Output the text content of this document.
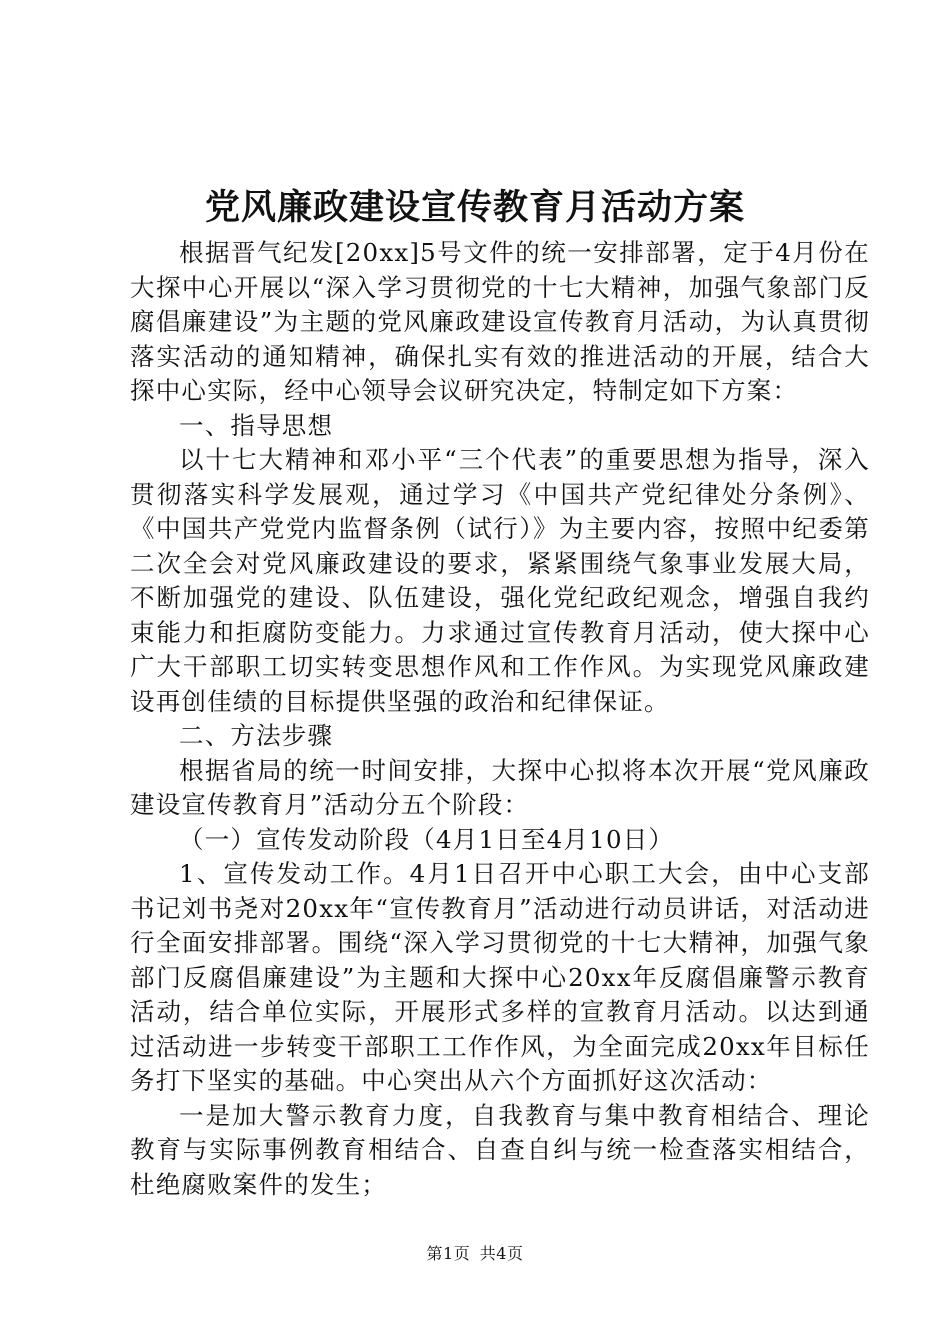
党风廉政建设宣传教育月活动方案

根据晋气纪发[20xx]5号文件的统一安排部署，定于4月份在大探中心开展以“深入学习贯彻党的十七大精神，加强气象部门反腐倡廉建设”为主题的党风廉政建设宣传教育月活动，为认真贯彻落实活动的通知精神，确保扎实有效的推进活动的开展，结合大探中心实际，经中心领导会议研究决定，特制定如下方案：

一、指导思想

以十七大精神和邓小平“三个代表”的重要思想为指导，深入贯彻落实科学发展观，通过学习《中国共产党纪律处分条例》、《中国共产党党内监督条例（试行）》为主要内容，按照中纪委第二次全会对党风廉政建设的要求，紧紧围绕气象事业发展大局，不断加强党的建设、队伍建设，强化党纪政纪观念，增强自我约束能力和拒腐防变能力。力求通过宣传教育月活动，使大探中心广大干部职工切实转变思想作风和工作作风。为实现党风廉政建设再创佳绩的目标提供坚强的政治和纪律保证。

二、方法步骤

根据省局的统一时间安排，大探中心拟将本次开展“党风廉政建设宣传教育月”活动分五个阶段：

（一）宣传发动阶段（4月1日至4月10日）

1、宣传发动工作。4月1日召开中心职工大会，由中心支部书记刘书尧对20xx年“宣传教育月”活动进行动员讲话，对活动进行全面安排部署。围绕“深入学习贯彻党的十七大精神，加强气象部门反腐倡廉建设”为主题和大探中心20xx年反腐倡廉警示教育活动，结合单位实际，开展形式多样的宣教育月活动。以达到通过活动进一步转变干部职工工作作风，为全面完成20xx年目标任务打下坚实的基础。中心突出从六个方面抓好这次活动：

一是加大警示教育力度，自我教育与集中教育相结合、理论教育与实际事例教育相结合、自查自纠与统一检查落实相结合，杜绝腐败案件的发生；

第1页 共4页
